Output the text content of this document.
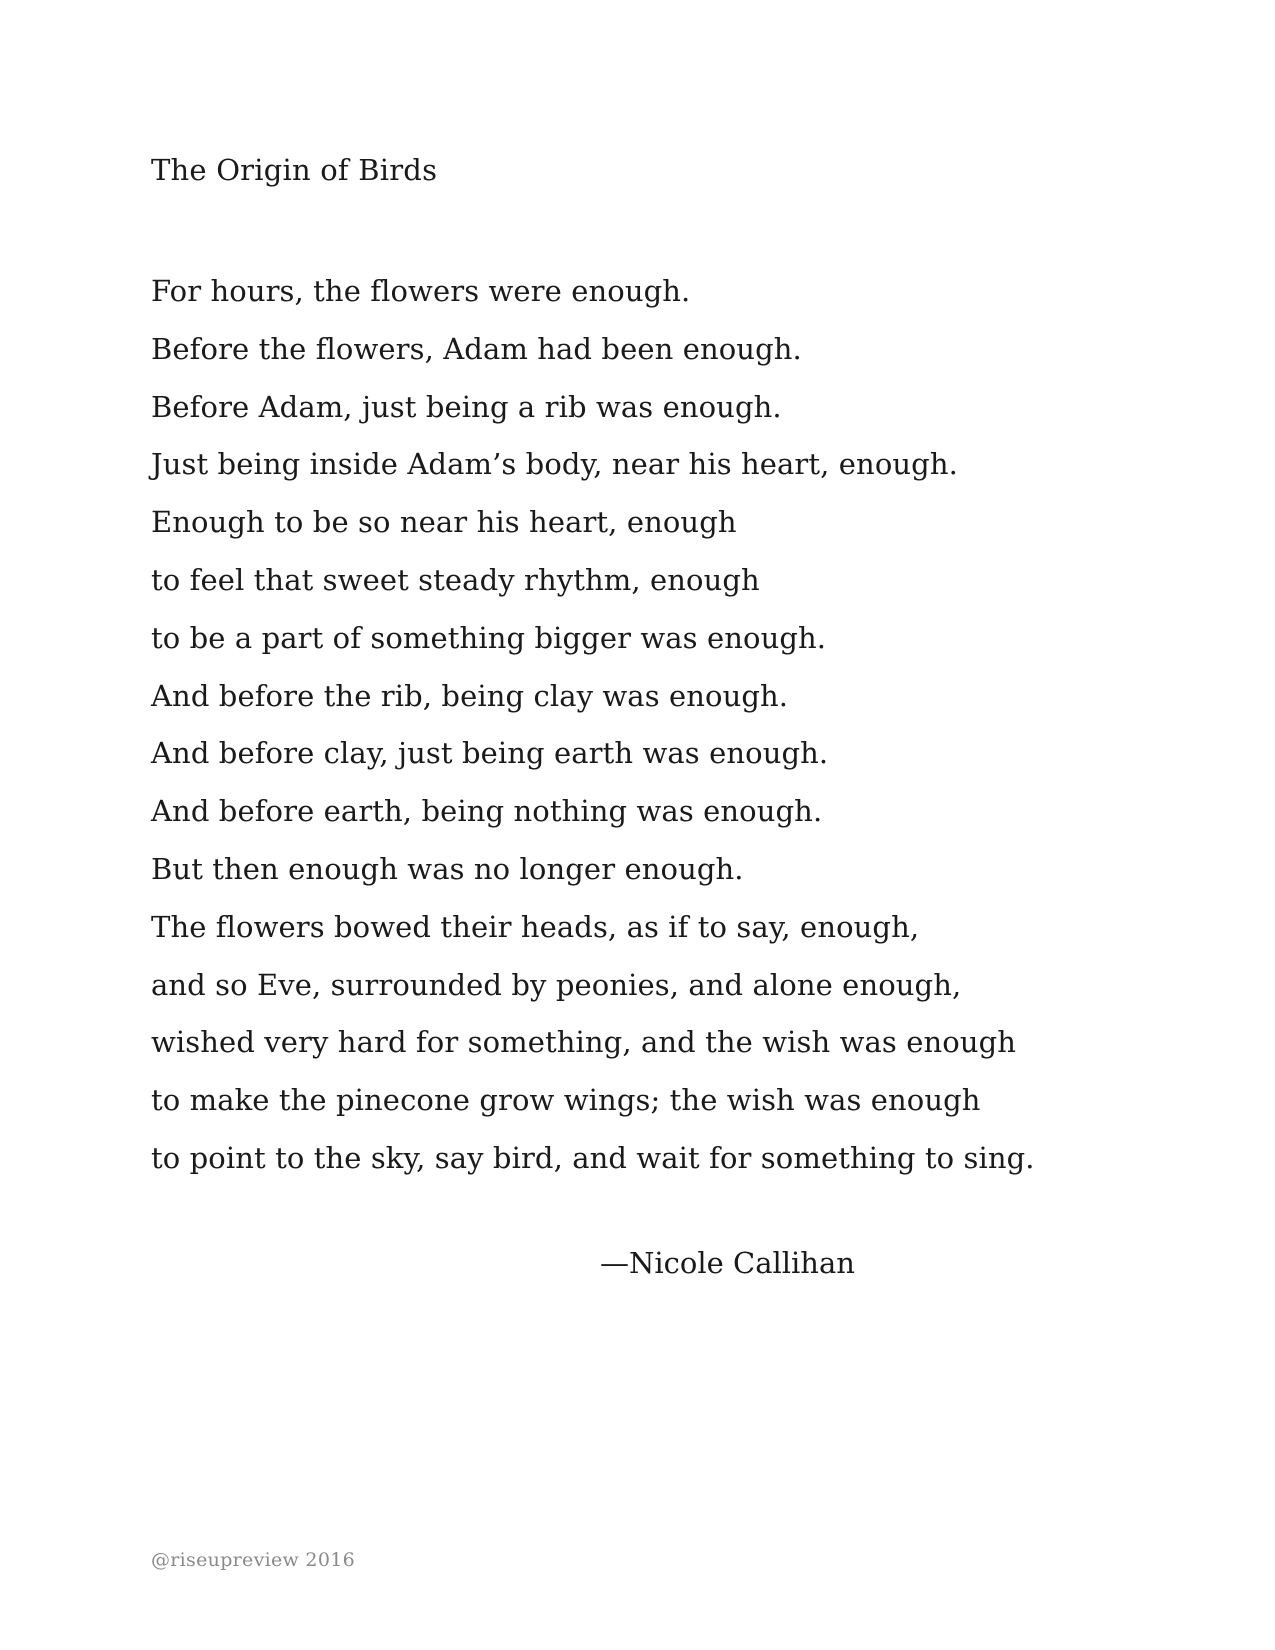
The Origin of Birds
For hours, the flowers were enough.
Before the flowers, Adam had been enough.
Before Adam, just being a rib was enough.
Just being inside Adam’s body, near his heart, enough.
Enough to be so near his heart, enough
to feel that sweet steady rhythm, enough
to be a part of something bigger was enough.
And before the rib, being clay was enough.
And before clay, just being earth was enough.
And before earth, being nothing was enough.
But then enough was no longer enough.
The flowers bowed their heads, as if to say, enough,
and so Eve, surrounded by peonies, and alone enough,
wished very hard for something, and the wish was enough
to make the pinecone grow wings; the wish was enough
to point to the sky, say bird, and wait for something to sing.
—Nicole Callihan
@riseupreview 2016
